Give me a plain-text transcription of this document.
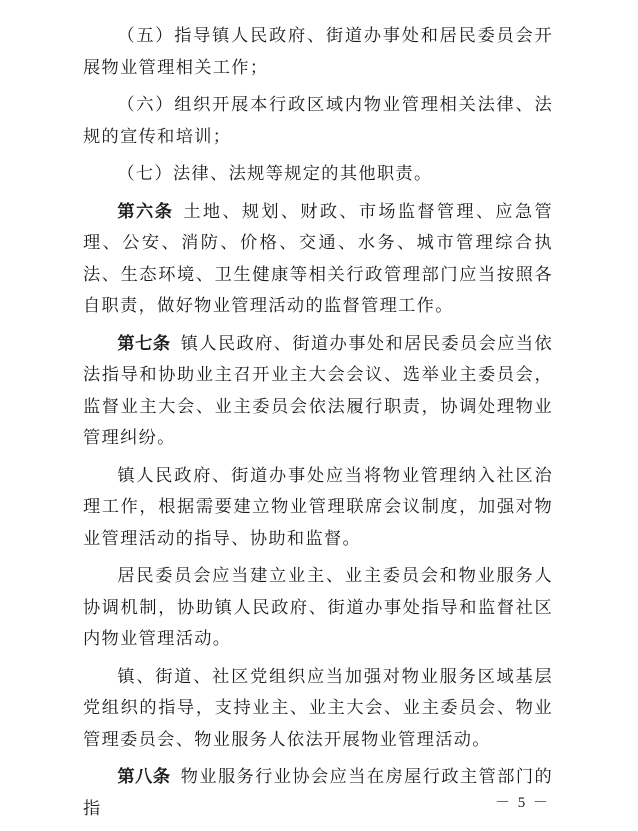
（五）指导镇人民政府、街道办事处和居民委员会开展物业管理相关工作；

（六）组织开展本行政区域内物业管理相关法律、法规的宣传和培训；

（七）法律、法规等规定的其他职责。

第六条 土地、规划、财政、市场监督管理、应急管理、公安、消防、价格、交通、水务、城市管理综合执法、生态环境、卫生健康等相关行政管理部门应当按照各自职责，做好物业管理活动的监督管理工作。

第七条 镇人民政府、街道办事处和居民委员会应当依法指导和协助业主召开业主大会会议、选举业主委员会，监督业主大会、业主委员会依法履行职责，协调处理物业管理纠纷。

镇人民政府、街道办事处应当将物业管理纳入社区治理工作，根据需要建立物业管理联席会议制度，加强对物业管理活动的指导、协助和监督。

居民委员会应当建立业主、业主委员会和物业服务人协调机制，协助镇人民政府、街道办事处指导和监督社区内物业管理活动。

镇、街道、社区党组织应当加强对物业服务区域基层党组织的指导，支持业主、业主大会、业主委员会、物业管理委员会、物业服务人依法开展物业管理活动。

第八条 物业服务行业协会应当在房屋行政主管部门的指	－ 5 －
